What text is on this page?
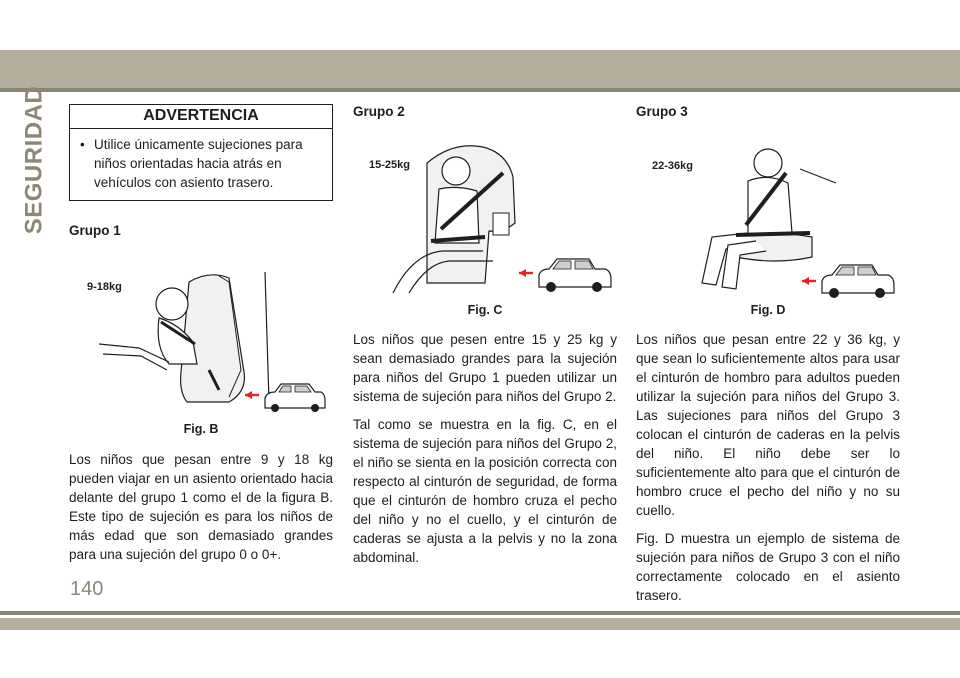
SEGURIDAD	ADVERTENCIA
• Utilice únicamente sujeciones para niños orientadas hacia atrás en vehículos con asiento trasero.

Grupo 1

9-18kg
Fig. B

Los niños que pesan entre 9 y 18 kg pueden viajar en un asiento orientado hacia delante del grupo 1 como el de la figura B. Este tipo de sujeción es para los niños de más edad que son demasiado grandes para una sujeción del grupo 0 o 0+.

Grupo 2

15-25kg
Fig. C

Los niños que pesen entre 15 y 25 kg y sean demasiado grandes para la sujeción para niños del Grupo 1 pueden utilizar un sistema de sujeción para niños del Grupo 2.

Tal como se muestra en la fig. C, en el sistema de sujeción para niños del Grupo 2, el niño se sienta en la posición correcta con respecto al cinturón de seguridad, de forma que el cinturón de hombro cruza el pecho del niño y no el cuello, y el cinturón de caderas se ajusta a la pelvis y no la zona abdominal.

Grupo 3

22-36kg
Fig. D

Los niños que pesan entre 22 y 36 kg, y que sean lo suficientemente altos para usar el cinturón de hombro para adultos pueden utilizar la sujeción para niños del Grupo 3. Las sujeciones para niños del Grupo 3 colocan el cinturón de caderas en la pelvis del niño. El niño debe ser lo suficientemente alto para que el cinturón de hombro cruce el pecho del niño y no su cuello.

Fig. D muestra un ejemplo de sistema de sujeción para niños de Grupo 3 con el niño correctamente colocado en el asiento trasero.

140
